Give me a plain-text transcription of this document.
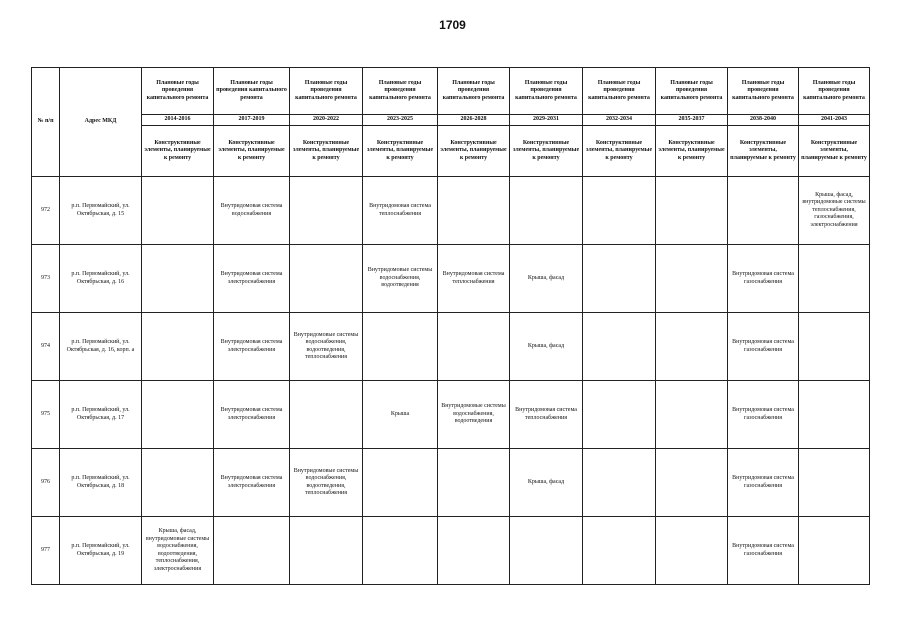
1709
№ п/п	Адрес МКД	Плановые годы проведения капитального ремонта	Плановые годы проведения капитального ремонта	Плановые годы проведения капитального ремонта	Плановые годы проведения капитального ремонта	Плановые годы проведения капитального ремонта	Плановые годы проведения капитального ремонта	Плановые годы проведения капитального ремонта	Плановые годы проведения капитального ремонта	Плановые годы проведения капитального ремонта	Плановые годы проведения капитального ремонта
		2014-2016	2017-2019	2020-2022	2023-2025	2026-2028	2029-2031	2032-2034	2035-2037	2038-2040	2041-2043
		Конструктивные элементы, планируемые к ремонту	Конструктивные элементы, планируемые к ремонту	Конструктивные элементы, планируемые к ремонту	Конструктивные элементы, планируемые к ремонту	Конструктивные элементы, планируемые к ремонту	Конструктивные элементы, планируемые к ремонту	Конструктивные элементы, планируемые к ремонту	Конструктивные элементы, планируемые к ремонту	Конструктивные элементы, планируемые к ремонту	Конструктивные элементы, планируемые к ремонту
972	р.п. Первомайский, ул. Октябрьская, д. 15		Внутридомовая система водоснабжения		Внутридомовая система теплоснабжения						Крыша, фасад, внутридомовые системы теплоснабжения, газоснабжения, электроснабжения
973	р.п. Первомайский, ул. Октябрьская, д. 16		Внутридомовая система электроснабжения		Внутридомовые системы водоснабжения, водоотведения	Внутридомовая система теплоснабжения	Крыша, фасад			Внутридомовая система газоснабжения	
974	р.п. Первомайский, ул. Октябрьская, д. 16, корп. а		Внутридомовая система электроснабжения	Внутридомовые системы водоснабжения, водоотведения, теплоснабжения			Крыша, фасад			Внутридомовая система газоснабжения	
975	р.п. Первомайский, ул. Октябрьская, д. 17		Внутридомовая система электроснабжения		Крыша	Внутридомовые системы водоснабжения, водоотведения	Внутридомовая система теплоснабжения			Внутридомовая система газоснабжения	
976	р.п. Первомайский, ул. Октябрьская, д. 18		Внутридомовая система электроснабжения	Внутридомовые системы водоснабжения, водоотведения, теплоснабжения			Крыша, фасад			Внутридомовая система газоснабжения	
977	р.п. Первомайский, ул. Октябрьская, д. 19	Крыша, фасад, внутридомовые системы водоснабжения, водоотведения, теплоснабжения, электроснабжения								Внутридомовая система газоснабжения	
